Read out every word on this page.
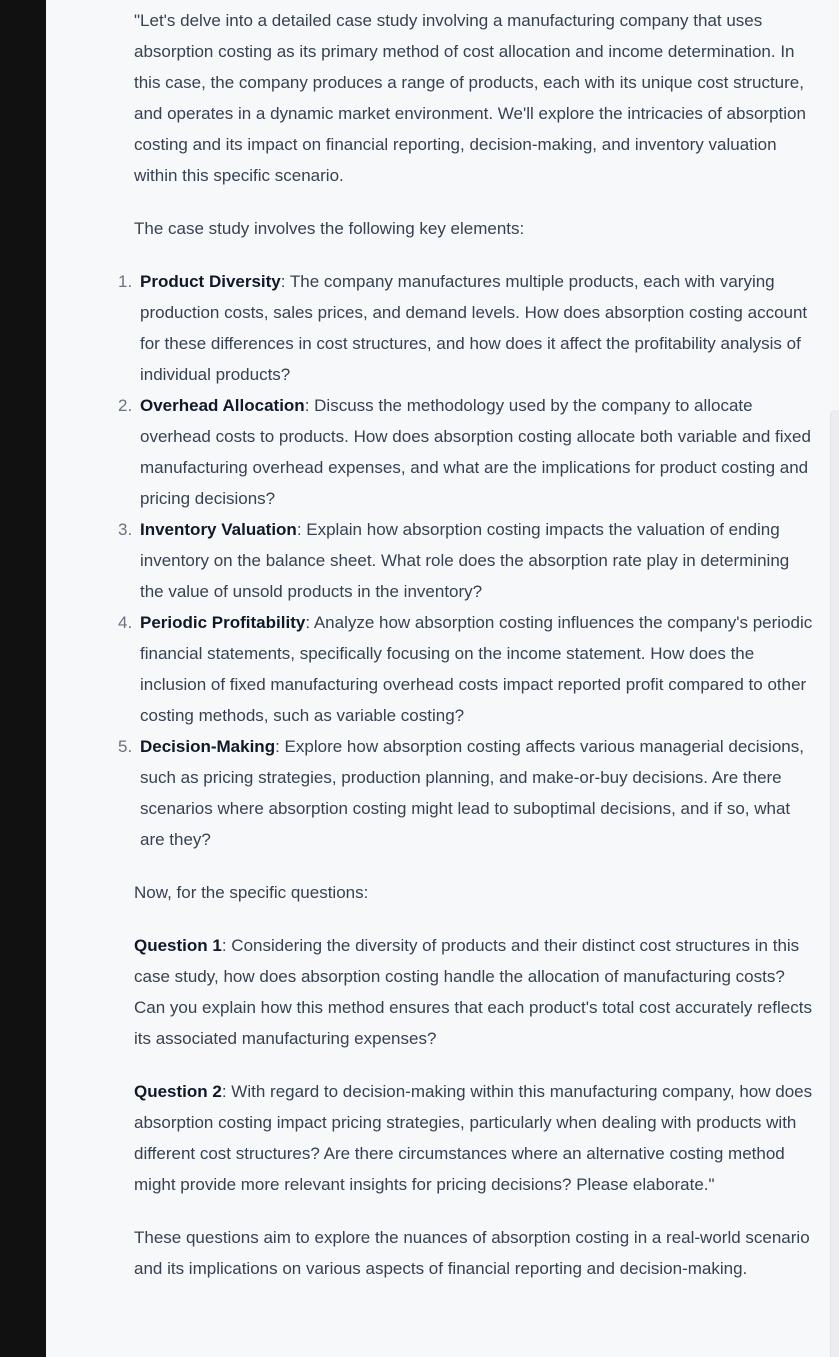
"Let's delve into a detailed case study involving a manufacturing company that uses absorption costing as its primary method of cost allocation and income determination. In this case, the company produces a range of products, each with its unique cost structure, and operates in a dynamic market environment. We'll explore the intricacies of absorption costing and its impact on financial reporting, decision-making, and inventory valuation within this specific scenario.

The case study involves the following key elements:

1. Product Diversity: The company manufactures multiple products, each with varying production costs, sales prices, and demand levels. How does absorption costing account for these differences in cost structures, and how does it affect the profitability analysis of individual products?
2. Overhead Allocation: Discuss the methodology used by the company to allocate overhead costs to products. How does absorption costing allocate both variable and fixed manufacturing overhead expenses, and what are the implications for product costing and pricing decisions?
3. Inventory Valuation: Explain how absorption costing impacts the valuation of ending inventory on the balance sheet. What role does the absorption rate play in determining the value of unsold products in the inventory?
4. Periodic Profitability: Analyze how absorption costing influences the company's periodic financial statements, specifically focusing on the income statement. How does the inclusion of fixed manufacturing overhead costs impact reported profit compared to other costing methods, such as variable costing?
5. Decision-Making: Explore how absorption costing affects various managerial decisions, such as pricing strategies, production planning, and make-or-buy decisions. Are there scenarios where absorption costing might lead to suboptimal decisions, and if so, what are they?

Now, for the specific questions:

Question 1: Considering the diversity of products and their distinct cost structures in this case study, how does absorption costing handle the allocation of manufacturing costs? Can you explain how this method ensures that each product's total cost accurately reflects its associated manufacturing expenses?

Question 2: With regard to decision-making within this manufacturing company, how does absorption costing impact pricing strategies, particularly when dealing with products with different cost structures? Are there circumstances where an alternative costing method might provide more relevant insights for pricing decisions? Please elaborate."

These questions aim to explore the nuances of absorption costing in a real-world scenario and its implications on various aspects of financial reporting and decision-making.
